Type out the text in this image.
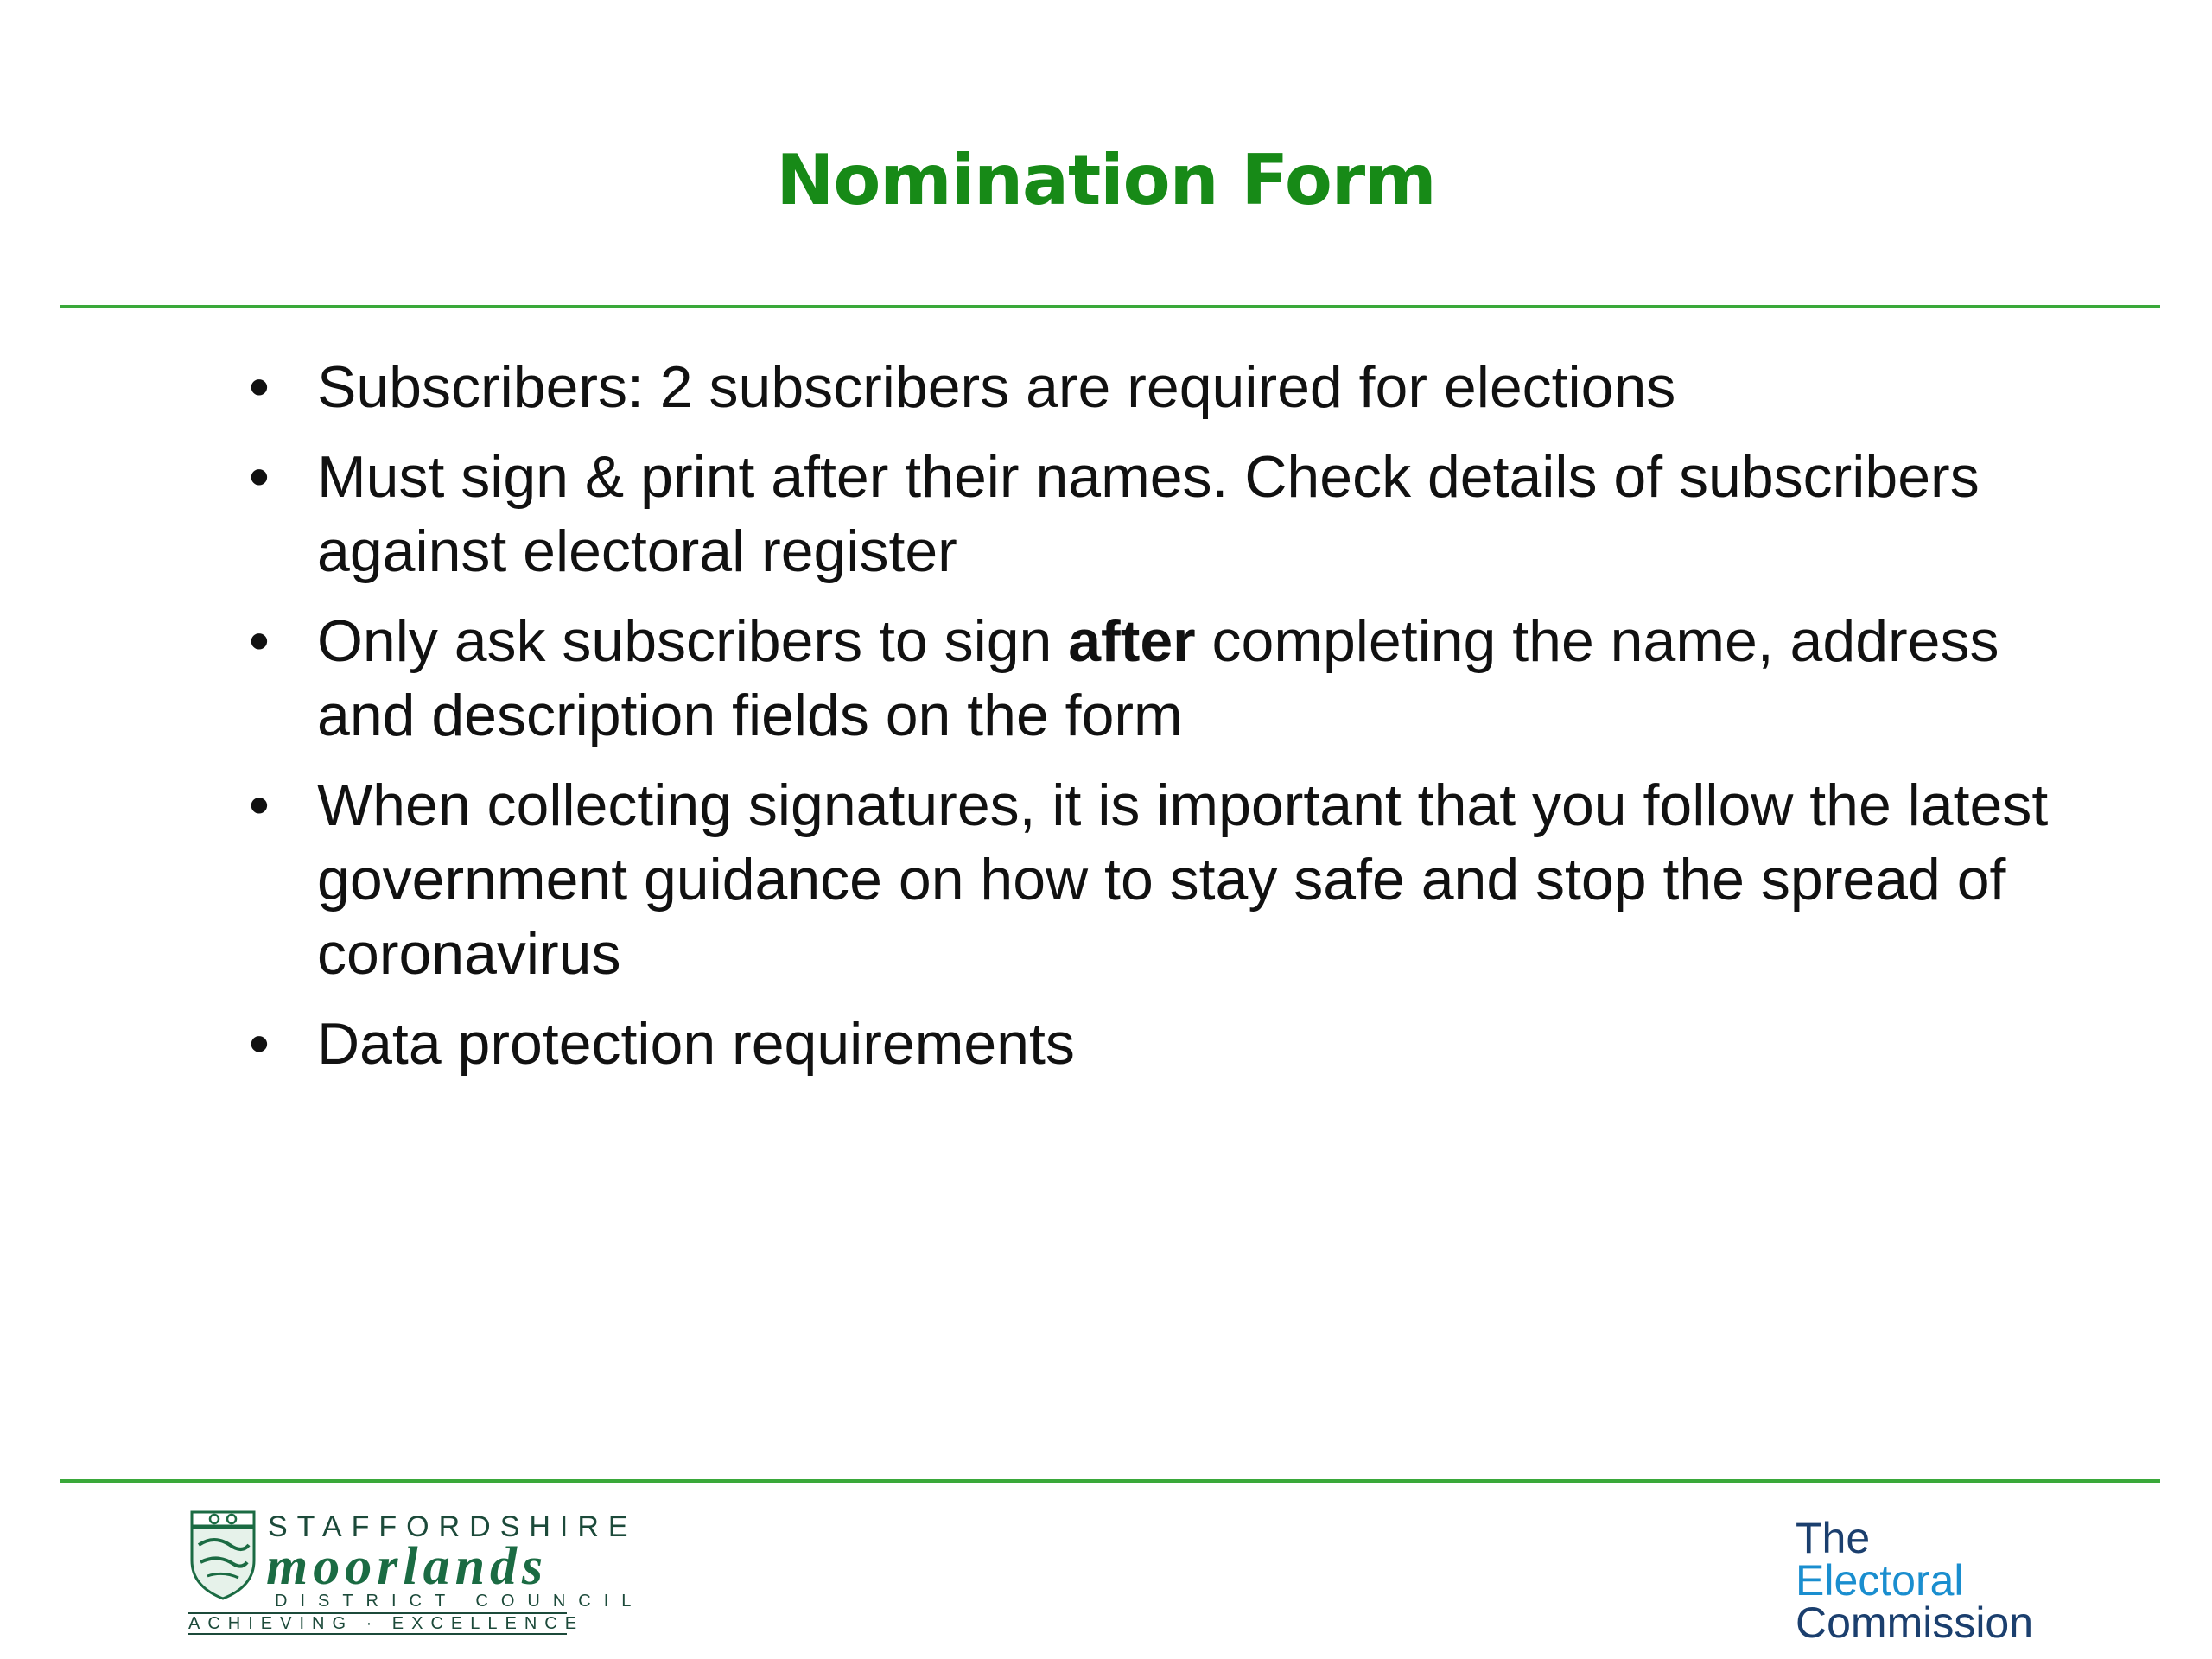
Nomination Form
• Subscribers: 2 subscribers are required for elections
• Must sign & print after their names. Check details of subscribers against electoral register
• Only ask subscribers to sign after completing the name, address and description fields on the form
• When collecting signatures, it is important that you follow the latest government guidance on how to stay safe and stop the spread of coronavirus
• Data protection requirements
STAFFORDSHIRE
moorlands
DISTRICT COUNCIL
ACHIEVING · EXCELLENCE
The
Electoral
Commission
